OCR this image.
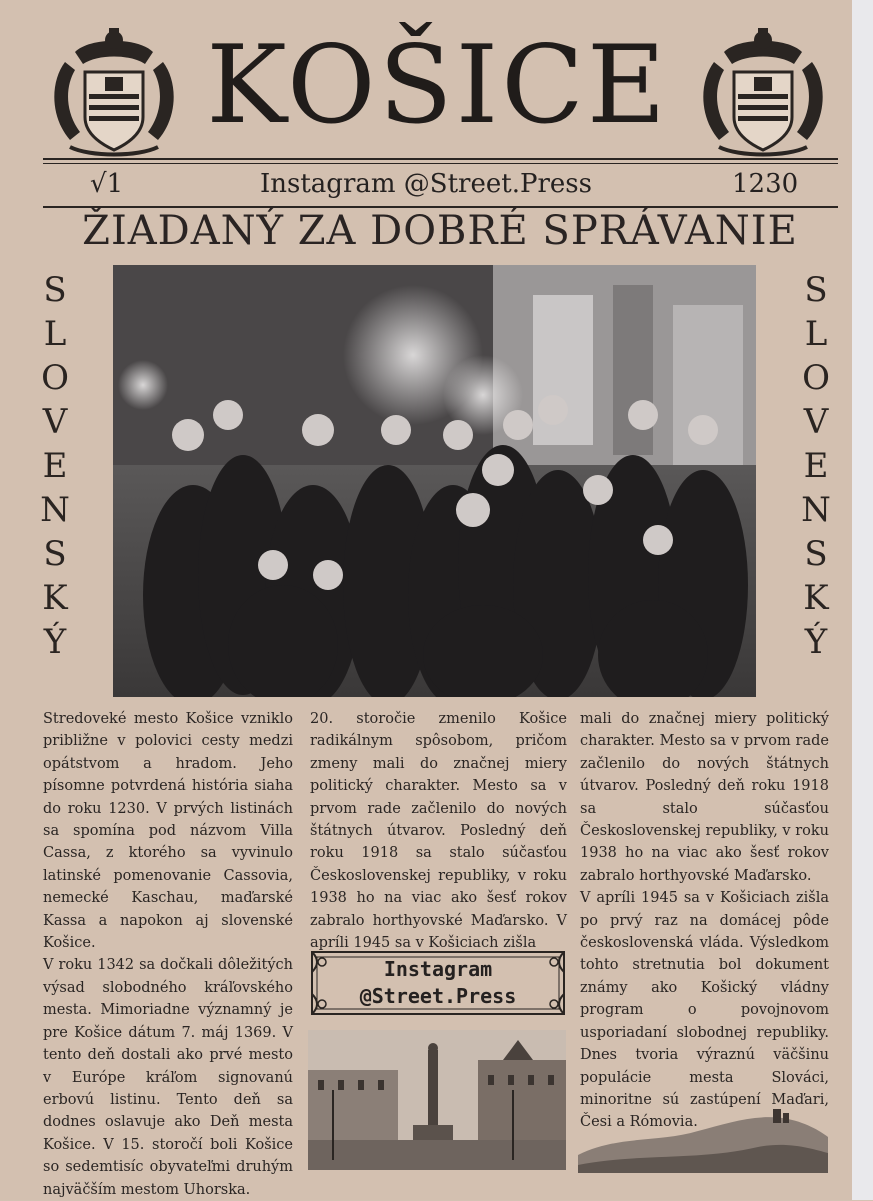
KOŠICE
√1	Instagram @Street.Press	1230
ŽIADANÝ ZA DOBRÉ SPRÁVANIE
S
L
O
V
E
N
S
K
Ý
S
L
O
V
E
N
S
K
Ý

Stredoveké mesto Košice vzniklo približne v polovici cesty medzi opátstvom a hradom. Jeho písomne potvrdená história siaha do roku 1230. V prvých listinách sa spomína pod názvom Villa Cassa, z ktorého sa vyvinulo latinské pomenovanie Cassovia, nemecké Kaschau, maďarské Kassa a napokon aj slovenské Košice.

V roku 1342 sa dočkali dôležitých výsad slobodného kráľovského mesta. Mimoriadne významný je pre Košice dátum 7. máj 1369. V tento deň dostali ako prvé mesto v Európe kráľom signovanú erbovú listinu. Tento deň sa dodnes oslavuje ako Deň mesta Košice. V 15. storočí boli Košice so sedemtisíc obyvateľmi druhým najväčším mestom Uhorska.

20. storočie zmenilo Košice radikálnym spôsobom, pričom zmeny mali do značnej miery politický charakter. Mesto sa v prvom rade začlenilo do nových štátnych útvarov. Posledný deň roku 1918 sa stalo súčasťou Československej republiky, v roku 1938 ho na viac ako šesť rokov zabralo horthyovské Maďarsko. V apríli 1945 sa v Košiciach zišla

mali do značnej miery politický charakter. Mesto sa v prvom rade začlenilo do nových štátnych útvarov. Posledný deň roku 1918 sa stalo súčasťou Československej republiky, v roku 1938 ho na viac ako šesť rokov zabralo horthyovské Maďarsko.

V apríli 1945 sa v Košiciach zišla po prvý raz na domácej pôde československá vláda. Výsledkom tohto stretnutia bol dokument známy ako Košický vládny program o povojnovom usporiadaní slobodnej republiky. Dnes tvoria výraznú väčšinu populácie mesta Slováci, minoritne sú zastúpení Maďari, Česi a Rómovia.

Instagram
@Street.Press
